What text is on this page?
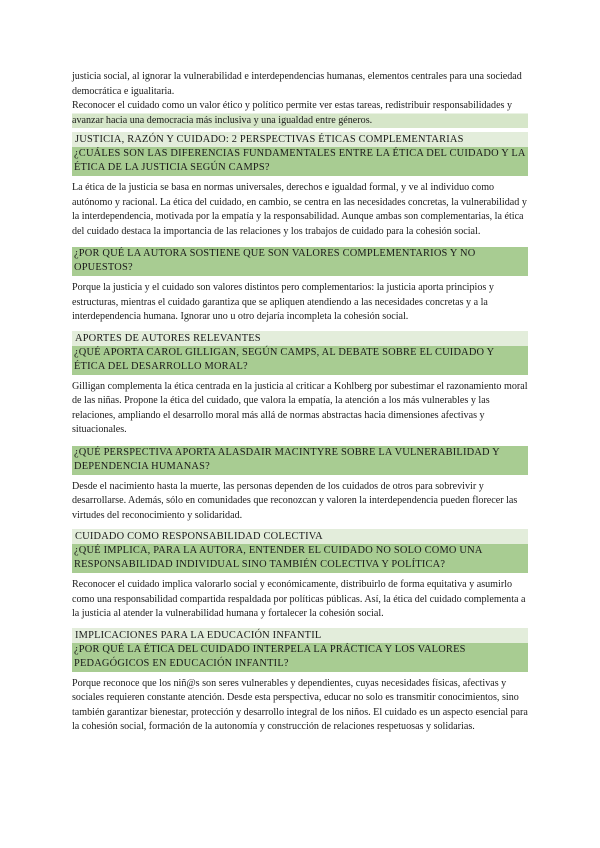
justicia social, al ignorar la vulnerabilidad e interdependencias humanas, elementos centrales para una sociedad democrática e igualitaria.

Reconocer el cuidado como un valor ético y político permite ver estas tareas, redistribuir responsabilidades y avanzar hacia una democracia más inclusiva y una igualdad entre géneros.

JUSTICIA, RAZÓN Y CUIDADO: 2 PERSPECTIVAS ÉTICAS COMPLEMENTARIAS
¿CUÁLES SON LAS DIFERENCIAS FUNDAMENTALES ENTRE LA ÉTICA DEL CUIDADO Y LA ÉTICA DE LA JUSTICIA SEGÚN CAMPS?

La ética de la justicia se basa en normas universales, derechos e igualdad formal, y ve al individuo como autónomo y racional. La ética del cuidado, en cambio, se centra en las necesidades concretas, la vulnerabilidad y la interdependencia, motivada por la empatía y la responsabilidad. Aunque ambas son complementarias, la ética del cuidado destaca la importancia de las relaciones y los trabajos de cuidado para la cohesión social.

¿POR QUÉ LA AUTORA SOSTIENE QUE SON VALORES COMPLEMENTARIOS Y NO OPUESTOS?

Porque la justicia y el cuidado son valores distintos pero complementarios: la justicia aporta principios y estructuras, mientras el cuidado garantiza que se apliquen atendiendo a las necesidades concretas y a la interdependencia humana. Ignorar uno u otro dejaría incompleta la cohesión social.

APORTES DE AUTORES RELEVANTES
¿QUÉ APORTA CAROL GILLIGAN, SEGÚN CAMPS, AL DEBATE SOBRE EL CUIDADO Y ÉTICA DEL DESARROLLO MORAL?

Gilligan complementa la ética centrada en la justicia al criticar a Kohlberg por subestimar el razonamiento moral de las niñas. Propone la ética del cuidado, que valora la empatía, la atención a los más vulnerables y las relaciones, ampliando el desarrollo moral más allá de normas abstractas hacia dimensiones afectivas y situacionales.

¿QUÉ PERSPECTIVA APORTA ALASDAIR MACINTYRE SOBRE LA VULNERABILIDAD Y DEPENDENCIA HUMANAS?

Desde el nacimiento hasta la muerte, las personas dependen de los cuidados de otros para sobrevivir y desarrollarse. Además, sólo en comunidades que reconozcan y valoren la interdependencia pueden florecer las virtudes del reconocimiento y solidaridad.

CUIDADO COMO RESPONSABILIDAD COLECTIVA
¿QUÉ IMPLICA, PARA LA AUTORA, ENTENDER EL CUIDADO NO SOLO COMO UNA RESPONSABILIDAD INDIVIDUAL SINO TAMBIÉN COLECTIVA Y POLÍTICA?

Reconocer el cuidado implica valorarlo social y económicamente, distribuirlo de forma equitativa y asumirlo como una responsabilidad compartida respaldada por políticas públicas. Así, la ética del cuidado complementa a la justicia al atender la vulnerabilidad humana y fortalecer la cohesión social.

IMPLICACIONES PARA LA EDUCACIÓN INFANTIL
¿POR QUÉ LA ÉTICA DEL CUIDADO INTERPELA LA PRÁCTICA Y LOS VALORES PEDAGÓGICOS EN EDUCACIÓN INFANTIL?

Porque reconoce que los niñ@s son seres vulnerables y dependientes, cuyas necesidades físicas, afectivas y sociales requieren constante atención. Desde esta perspectiva, educar no solo es transmitir conocimientos, sino también garantizar bienestar, protección y desarrollo integral de los niños. El cuidado es un aspecto esencial para la cohesión social, formación de la autonomía y construcción de relaciones respetuosas y solidarias.
